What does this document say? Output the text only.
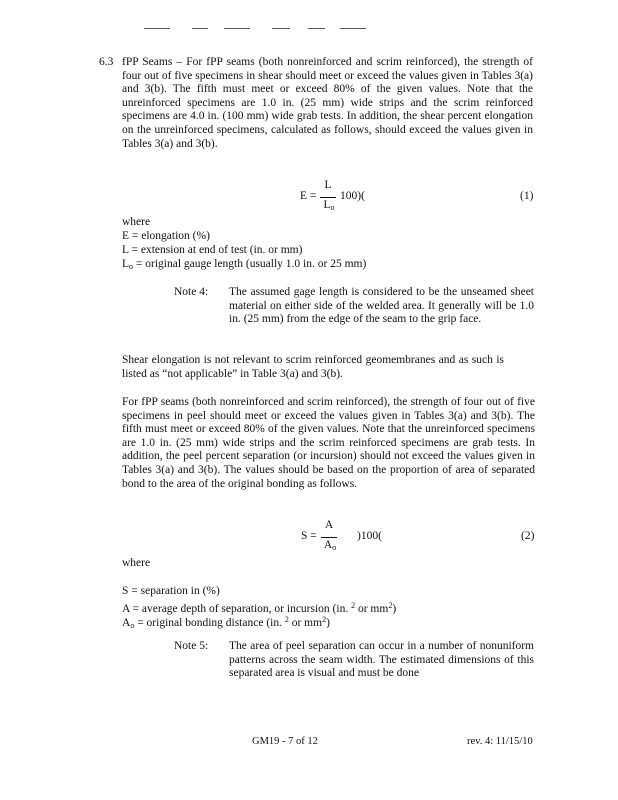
6.3 fPP Seams – For fPP seams (both nonreinforced and scrim reinforced), the strength of four out of five specimens in shear should meet or exceed the values given in Tables 3(a) and 3(b). The fifth must meet or exceed 80% of the given values. Note that the unreinforced specimens are 1.0 in. (25 mm) wide strips and the scrim reinforced specimens are 4.0 in. (100 mm) wide grab tests. In addition, the shear percent elongation on the unreinforced specimens, calculated as follows, should exceed the values given in Tables 3(a) and 3(b).
E =
L
$L_o$
100)(	(1)
where
E = elongation (%)
L = extension at end of test (in. or mm)
$L_o$ = original gauge length (usually 1.0 in. or 25 mm)
Note 4: The assumed gage length is considered to be the unseamed sheet material on either side of the welded area. It generally will be 1.0 in. (25 mm) from the edge of the seam to the grip face.
Shear elongation is not relevant to scrim reinforced geomembranes and as such is listed as “not applicable” in Table 3(a) and 3(b).
For fPP seams (both nonreinforced and scrim reinforced), the strength of four out of five specimens in peel should meet or exceed the values given in Tables 3(a) and 3(b). The fifth must meet or exceed 80% of the given values. Note that the unreinforced specimens are 1.0 in. (25 mm) wide strips and the scrim reinforced specimens are grab tests. In addition, the peel percent separation (or incursion) should not exceed the values given in Tables 3(a) and 3(b). The values should be based on the proportion of area of separated bond to the area of the original bonding as follows.
S =
A
$A_o$
)100(	(2)
where
S = separation in (%)
A = average depth of separation, or incursion (in. $^2$ or $mm^2$)
$A_o$ = original bonding distance (in. $^2$ or $mm^2$)
Note 5: The area of peel separation can occur in a number of nonuniform patterns across the seam width. The estimated dimensions of this separated area is visual and must be done
GM19 - 7 of 12	rev. 4: 11/15/10
